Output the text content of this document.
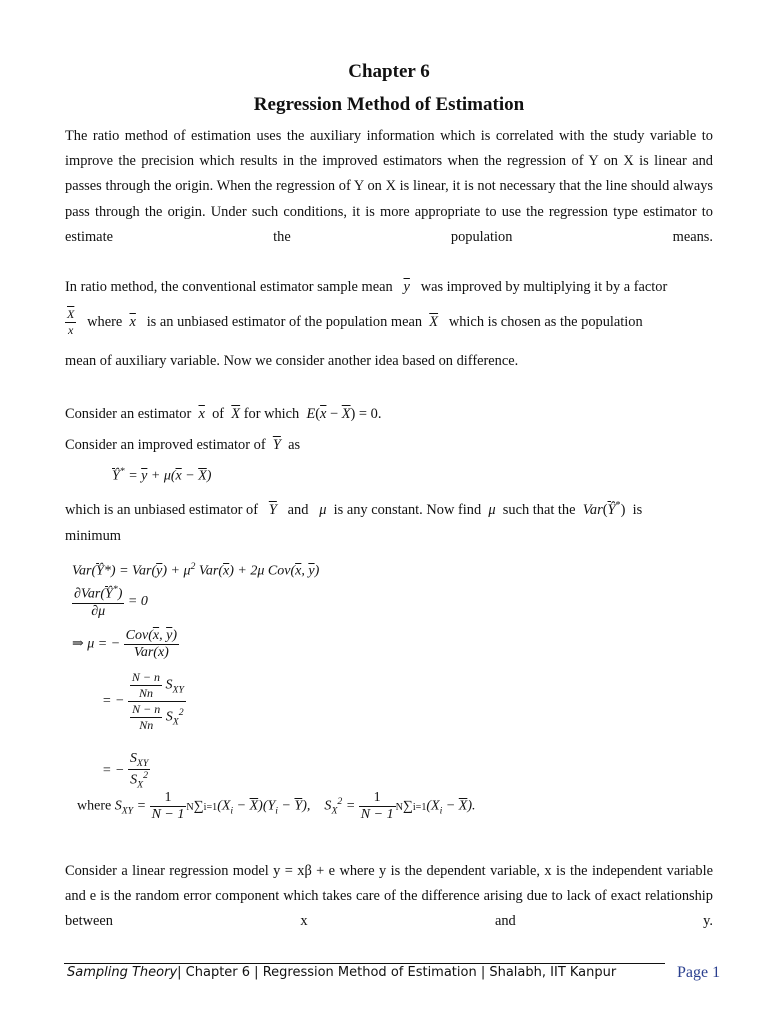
Chapter 6
Regression Method of Estimation
The ratio method of estimation uses the auxiliary information which is correlated with the study variable to improve the precision which results in the improved estimators when the regression of Y on X is linear and passes through the origin. When the regression of Y on X is linear, it is not necessary that the line should always pass through the origin. Under such conditions, it is more appropriate to use the regression type estimator to estimate the population means.
In ratio method, the conventional estimator sample mean $\overline{y}$ was improved by multiplying it by a factor
$\frac{\overline{X}}{x}$ where $\overline{x}$ is an unbiased estimator of the population mean $\overline{X}$ which is chosen as the population
mean of auxiliary variable. Now we consider another idea based on difference.
Consider an estimator $\overline{x}$ of $\overline{X}$ for which $E(\overline{x} - \overline{X}) = 0$.
Consider an improved estimator of $\overline{Y}$ as
$\overline{Ŷ}^* = \overline{y} + \mu(\overline{x} - \overline{X})$
which is an unbiased estimator of $\overline{Y}$ and μ is any constant. Now find μ such that the $Var(\overline{Ŷ}^*)$  is
minimum
$Var(\overline{Ŷ}*) = Var(\overline{y}) + \mu^2$ $Var(\overline{x}) + 2\mu$ $Cov(\overline{x}$, $\overline{y}$)
$\frac{\partial Var(\overline{Ŷ}^*)}{\partial\mu} = 0$
⇒ μ = − $\frac{Cov(\overline{x}, \overline{y})}{Var(\overline{x})}$
= − $\frac{\frac{N - n}{Nn} S_{XY}}{\frac{N - n}{Nn} S_X^2}$
= − $\frac{S_{XY}}{S_X^2}$
where $S_{XY} = \frac{1}{N - 1} N\sum i=1(X_i - \overline{X})(Y_i - \overline{Y})$,    $S_X^2 = \frac{1}{N - 1} N\sum i=1(X_i - \overline{X})$.
Consider a linear regression model y = xβ + e where y is the dependent variable, x is the independent variable and e is the random error component which takes care of the difference arising due to lack of exact relationship between x and y.
Sampling Theory| Chapter 6 | Regression Method of Estimation | Shalabh, IIT Kanpur	Page 1
